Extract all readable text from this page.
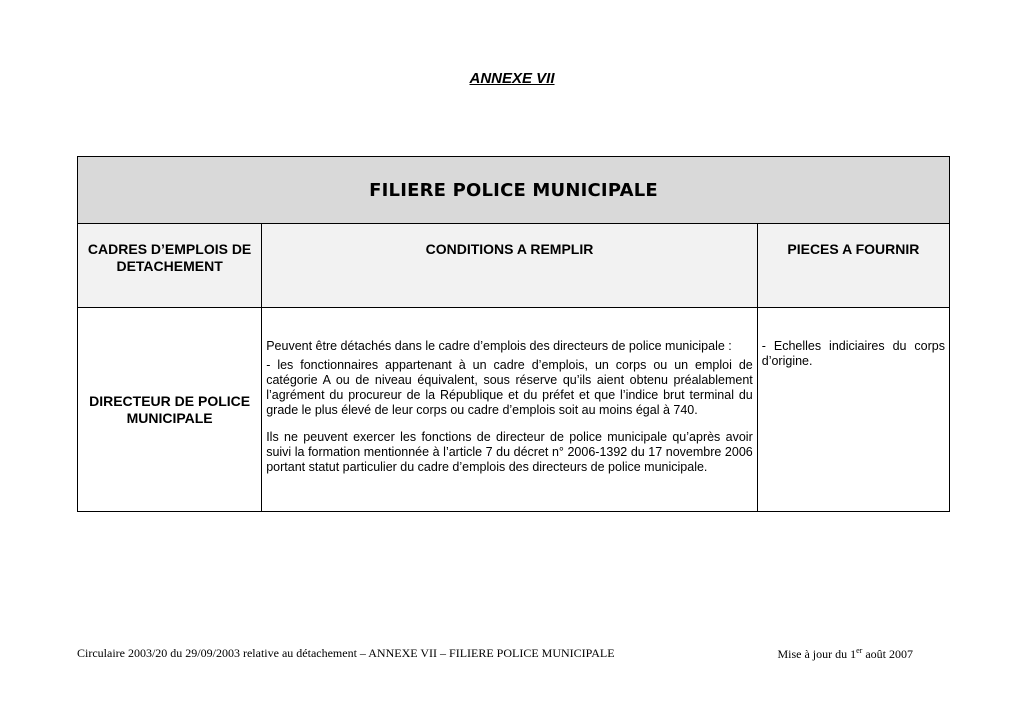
ANNEXE VII
FILIERE POLICE MUNICIPALE		
CADRES D’EMPLOIS DE DETACHEMENT	CONDITIONS A REMPLIR	PIECES A FOURNIR
DIRECTEUR DE POLICE MUNICIPALE	Peuvent être détachés dans le cadre d’emplois des directeurs de police municipale :

- les fonctionnaires appartenant à un cadre d’emplois, un corps ou un emploi de catégorie A ou de niveau équivalent, sous réserve qu’ils aient obtenu préalablement l’agrément du procureur de la République et du préfet et que l’indice brut terminal du grade le plus élevé de leur corps ou cadre d’emplois soit au moins égal à 740.

Ils ne peuvent exercer les fonctions de directeur de police municipale qu’après avoir suivi la formation mentionnée à l’article 7 du décret n° 2006-1392 du 17 novembre 2006 portant statut particulier du cadre d’emplois des directeurs de police municipale.	- Echelles indiciaires du corps d’origine.
Circulaire 2003/20 du 29/09/2003 relative au détachement – ANNEXE VII – FILIERE POLICE MUNICIPALE	Mise à jour du 1er août 2007
